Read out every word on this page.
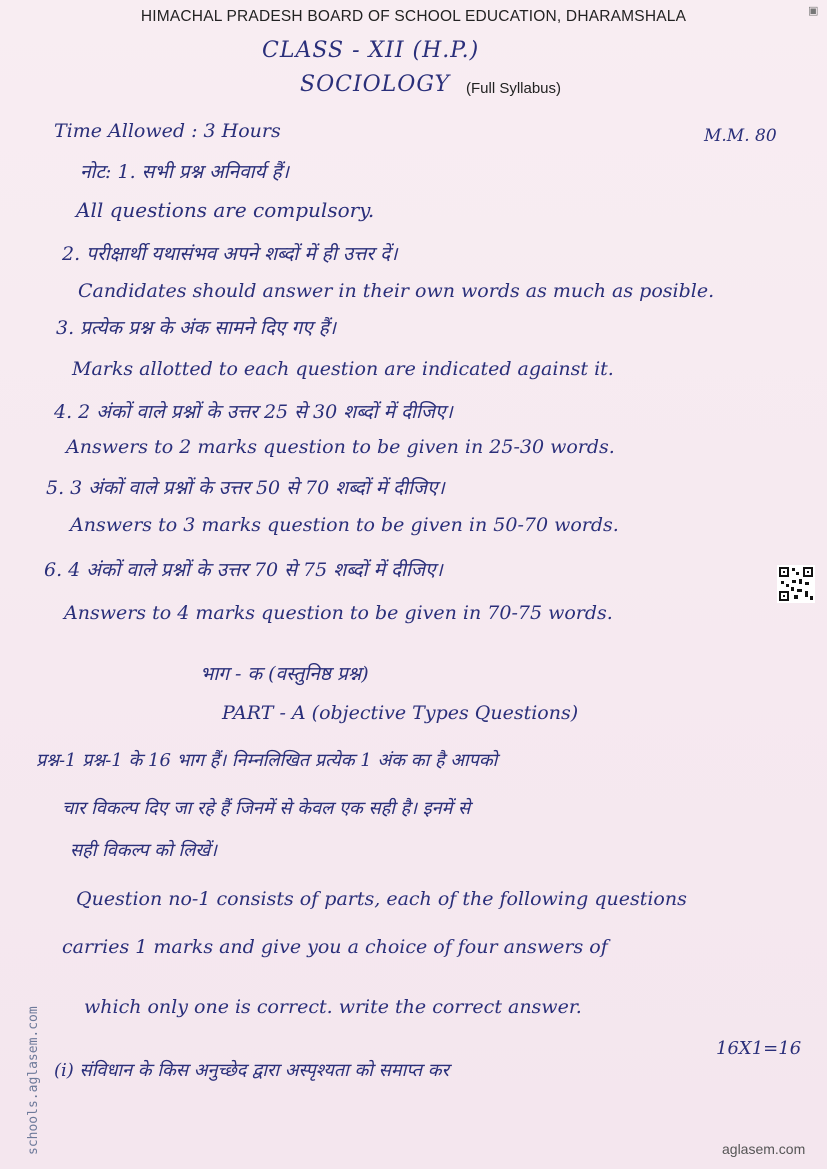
▣
HIMACHAL PRADESH BOARD OF SCHOOL EDUCATION, DHARAMSHALA
CLASS - XII (H.P.)
SOCIOLOGY (Full Syllabus)
Time Allowed : 3 Hours	M.M. 80
नोट: 1. सभी प्रश्न अनिवार्य हैं।
All questions are compulsory.
2. परीक्षार्थी यथासंभव अपने शब्दों में ही उत्तर दें।
Candidates should answer in their own words as much as posible.
3. प्रत्येक प्रश्न के अंक सामने दिए गए हैं।
Marks allotted to each question are indicated against it.
4. 2 अंकों वाले प्रश्नों के उत्तर 25 से 30 शब्दों में दीजिए।
Answers to 2 marks question to be given in 25-30 words.
5. 3 अंकों वाले प्रश्नों के उत्तर 50 से 70 शब्दों में दीजिए।
Answers to 3 marks question to be given in 50-70 words.
6. 4 अंकों वाले प्रश्नों के उत्तर 70 से 75 शब्दों में दीजिए।
Answers to 4 marks question to be given in 70-75 words.
भाग - क (वस्तुनिष्ठ प्रश्न)
PART - A (objective Types Questions)
प्रश्न-1 प्रश्न-1 के 16 भाग हैं। निम्नलिखित प्रत्येक 1 अंक का है आपको
चार विकल्प दिए जा रहे हैं जिनमें से केवल एक सही है। इनमें से
सही विकल्प को लिखें।
Question no-1 consists of parts, each of the following questions
carries 1 marks and give you a choice of four answers of
which only one is correct. write the correct answer.
16X1=16
(i) संविधान के किस अनुच्छेद द्वारा अस्पृश्यता को समाप्त कर
schools.aglasem.com	aglasem.com
